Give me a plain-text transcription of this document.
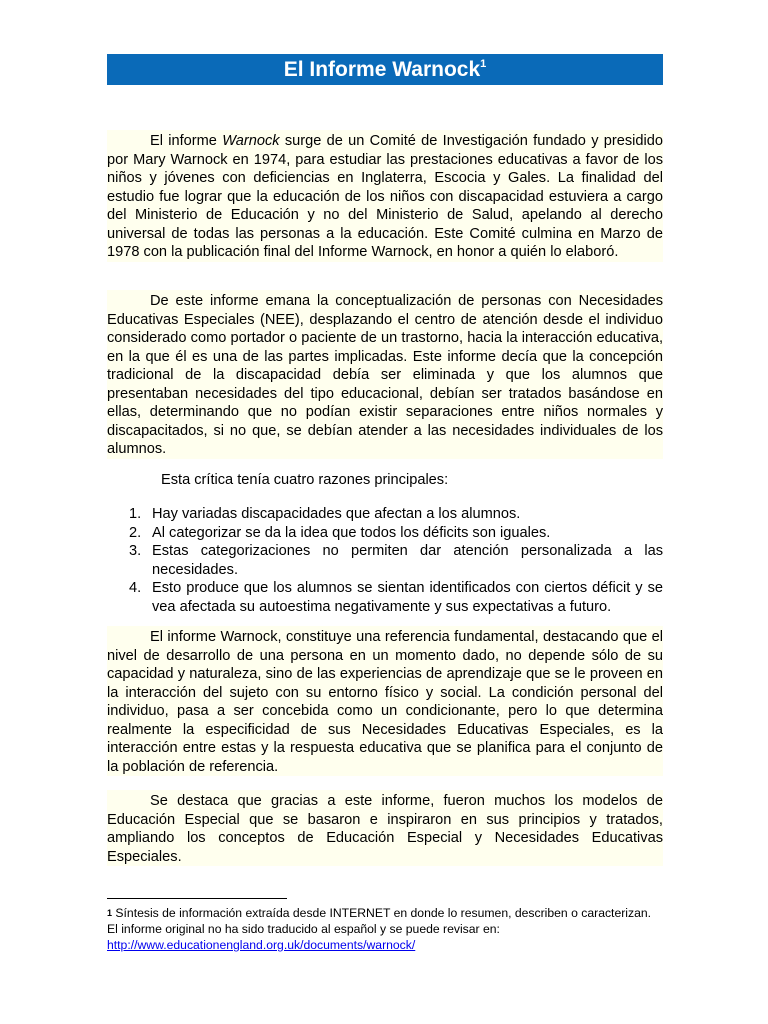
El Informe Warnock$^1$
El informe Warnock surge de un Comité de Investigación fundado y presidido por Mary Warnock en 1974, para estudiar las prestaciones educativas a favor de los niños y jóvenes con deficiencias en Inglaterra, Escocia y Gales. La finalidad del estudio fue lograr que la educación de los niños con discapacidad estuviera a cargo del Ministerio de Educación y no del Ministerio de Salud, apelando al derecho universal de todas las personas a la educación. Este Comité culmina en Marzo de 1978 con la publicación final del Informe Warnock, en honor a quién lo elaboró.
De este informe emana la conceptualización de personas con Necesidades Educativas Especiales (NEE), desplazando el centro de atención desde el individuo considerado como portador o paciente de un trastorno, hacia la interacción educativa, en la que él es una de las partes implicadas. Este informe decía que la concepción tradicional de la discapacidad debía ser eliminada y que los alumnos que presentaban necesidades del tipo educacional, debían ser tratados basándose en ellas, determinando que no podían existir separaciones entre niños normales y discapacitados, si no que, se debían atender a las necesidades individuales de los alumnos.
Esta crítica tenía cuatro razones principales:
1. Hay variadas discapacidades que afectan a los alumnos.
2. Al categorizar se da la idea que todos los déficits son iguales.
3. Estas categorizaciones no permiten dar atención personalizada a las necesidades.
4. Esto produce que los alumnos se sientan identificados con ciertos déficit y se vea afectada su autoestima negativamente y sus expectativas a futuro.
El informe Warnock, constituye una referencia fundamental, destacando que el nivel de desarrollo de una persona en un momento dado, no depende sólo de su capacidad y naturaleza, sino de las experiencias de aprendizaje que se le proveen en la interacción del sujeto con su entorno físico y social. La condición personal del individuo, pasa a ser concebida como un condicionante, pero lo que determina realmente la especificidad de sus Necesidades Educativas Especiales, es la interacción entre estas y la respuesta educativa que se planifica para el conjunto de la población de referencia.
Se destaca que gracias a este informe, fueron muchos los modelos de Educación Especial que se basaron e inspiraron en sus principios y tratados, ampliando los conceptos de Educación Especial y Necesidades Educativas Especiales.
$^1$ Síntesis de información extraída desde INTERNET en donde lo resumen, describen o caracterizan. El informe original no ha sido traducido al español y se puede revisar en:
http://www.educationengland.org.uk/documents/warnock/
